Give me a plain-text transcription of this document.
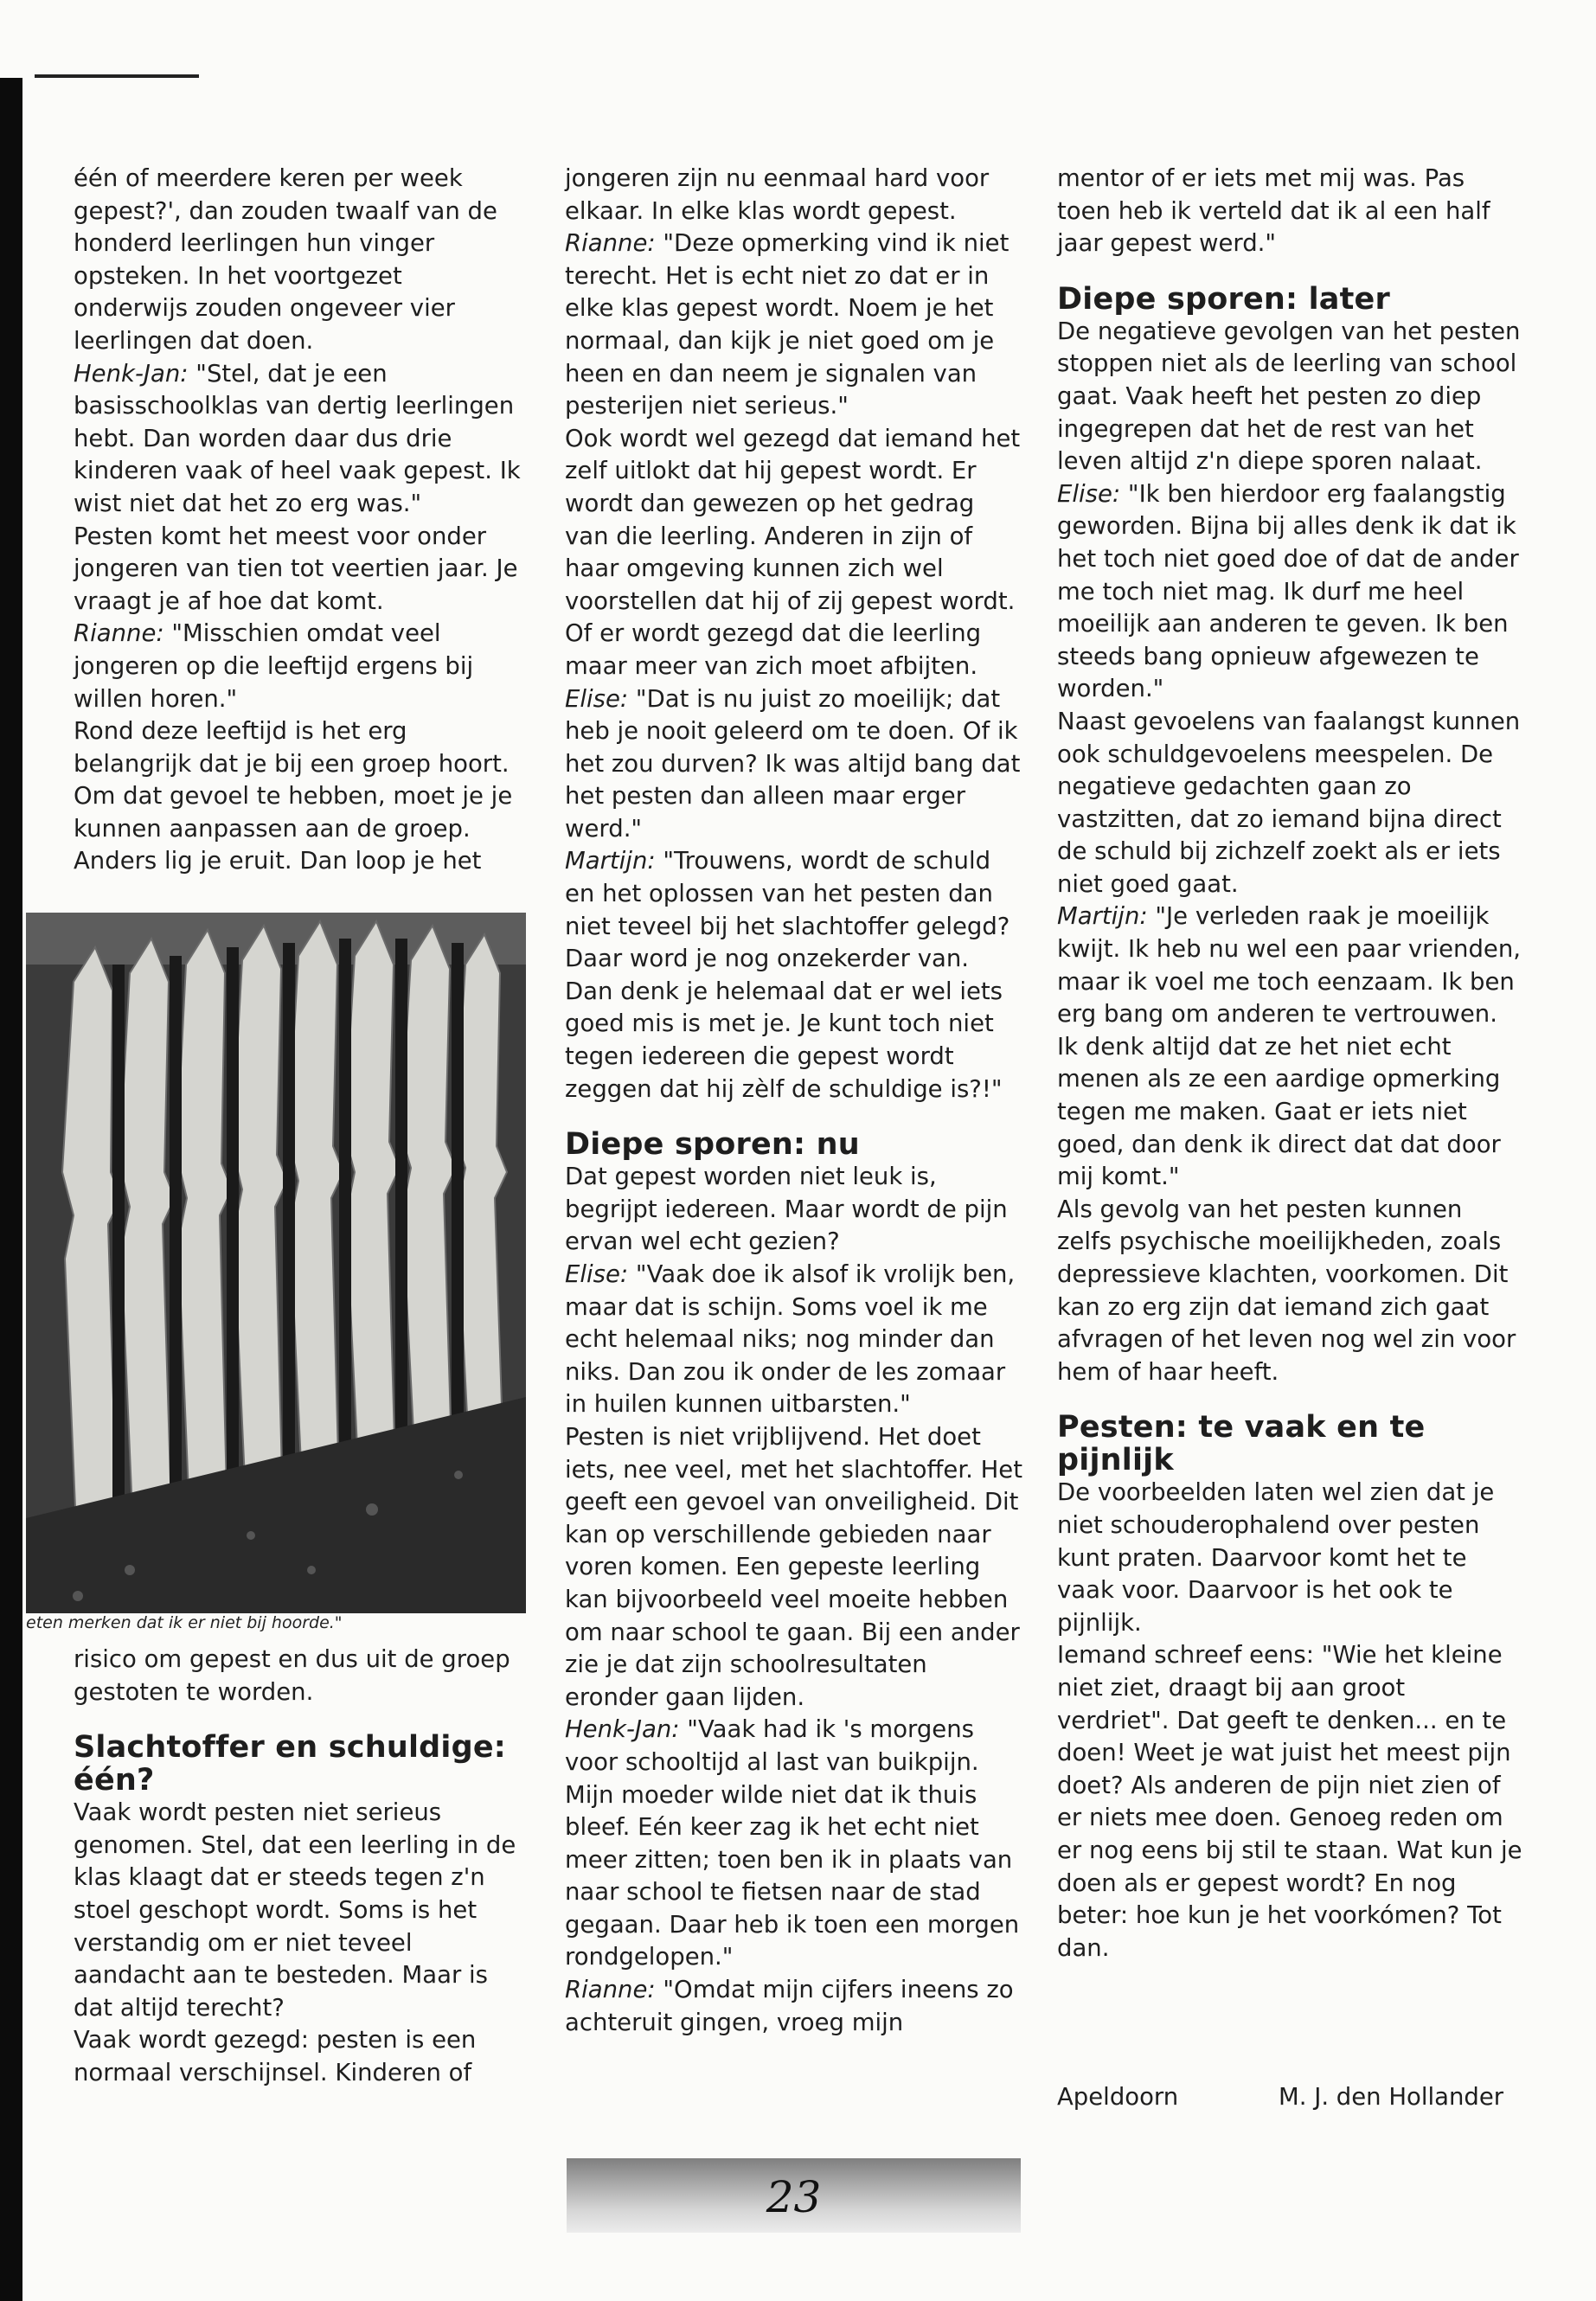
één of meerdere keren per week gepest?', dan zouden twaalf van de honderd leerlingen hun vinger opsteken. In het voortgezet onderwijs zouden ongeveer vier leerlingen dat doen.

Henk-Jan: "Stel, dat je een basisschoolklas van dertig leerlingen hebt. Dan worden daar dus drie kinderen vaak of heel vaak gepest. Ik wist niet dat het zo erg was."

Pesten komt het meest voor onder jongeren van tien tot veertien jaar. Je vraagt je af hoe dat komt.

Rianne: "Misschien omdat veel jongeren op die leeftijd ergens bij willen horen."

Rond deze leeftijd is het erg belangrijk dat je bij een groep hoort. Om dat gevoel te hebben, moet je je kunnen aanpassen aan de groep. Anders lig je eruit. Dan loop je het

eten merken dat ik er niet bij hoorde."

risico om gepest en dus uit de groep gestoten te worden.

Slachtoffer en schuldige: één?

Vaak wordt pesten niet serieus genomen. Stel, dat een leerling in de klas klaagt dat er steeds tegen z'n stoel geschopt wordt. Soms is het verstandig om er niet teveel aandacht aan te besteden. Maar is dat altijd terecht?

Vaak wordt gezegd: pesten is een normaal verschijnsel. Kinderen of

jongeren zijn nu eenmaal hard voor elkaar. In elke klas wordt gepest.

Rianne: "Deze opmerking vind ik niet terecht. Het is echt niet zo dat er in elke klas gepest wordt. Noem je het normaal, dan kijk je niet goed om je heen en dan neem je signalen van pesterijen niet serieus."

Ook wordt wel gezegd dat iemand het zelf uitlokt dat hij gepest wordt. Er wordt dan gewezen op het gedrag van die leerling. Anderen in zijn of haar omgeving kunnen zich wel voorstellen dat hij of zij gepest wordt. Of er wordt gezegd dat die leerling maar meer van zich moet afbijten.

Elise: "Dat is nu juist zo moeilijk; dat heb je nooit geleerd om te doen. Of ik het zou durven? Ik was altijd bang dat het pesten dan alleen maar erger werd."

Martijn: "Trouwens, wordt de schuld en het oplossen van het pesten dan niet teveel bij het slachtoffer gelegd? Daar word je nog onzekerder van. Dan denk je helemaal dat er wel iets goed mis is met je. Je kunt toch niet tegen iedereen die gepest wordt zeggen dat hij zèlf de schuldige is?!"

Diepe sporen: nu

Dat gepest worden niet leuk is, begrijpt iedereen. Maar wordt de pijn ervan wel echt gezien?

Elise: "Vaak doe ik alsof ik vrolijk ben, maar dat is schijn. Soms voel ik me echt helemaal niks; nog minder dan niks. Dan zou ik onder de les zomaar in huilen kunnen uitbarsten."

Pesten is niet vrijblijvend. Het doet iets, nee veel, met het slachtoffer. Het geeft een gevoel van onveiligheid. Dit kan op verschillende gebieden naar voren komen. Een gepeste leerling kan bijvoorbeeld veel moeite hebben om naar school te gaan. Bij een ander zie je dat zijn schoolresultaten eronder gaan lijden.

Henk-Jan: "Vaak had ik 's morgens voor schooltijd al last van buikpijn. Mijn moeder wilde niet dat ik thuis bleef. Eén keer zag ik het echt niet meer zitten; toen ben ik in plaats van naar school te fietsen naar de stad gegaan. Daar heb ik toen een morgen rondgelopen."

Rianne: "Omdat mijn cijfers ineens zo achteruit gingen, vroeg mijn

mentor of er iets met mij was. Pas toen heb ik verteld dat ik al een half jaar gepest werd."

Diepe sporen: later

De negatieve gevolgen van het pesten stoppen niet als de leerling van school gaat. Vaak heeft het pesten zo diep ingegrepen dat het de rest van het leven altijd z'n diepe sporen nalaat.

Elise: "Ik ben hierdoor erg faalangstig geworden. Bijna bij alles denk ik dat ik het toch niet goed doe of dat de ander me toch niet mag. Ik durf me heel moeilijk aan anderen te geven. Ik ben steeds bang opnieuw afgewezen te worden."

Naast gevoelens van faalangst kunnen ook schuldgevoelens meespelen. De negatieve gedachten gaan zo vastzitten, dat zo iemand bijna direct de schuld bij zichzelf zoekt als er iets niet goed gaat.

Martijn: "Je verleden raak je moeilijk kwijt. Ik heb nu wel een paar vrienden, maar ik voel me toch eenzaam. Ik ben erg bang om anderen te vertrouwen. Ik denk altijd dat ze het niet echt menen als ze een aardige opmerking tegen me maken. Gaat er iets niet goed, dan denk ik direct dat dat door mij komt."

Als gevolg van het pesten kunnen zelfs psychische moeilijkheden, zoals depressieve klachten, voorkomen. Dit kan zo erg zijn dat iemand zich gaat afvragen of het leven nog wel zin voor hem of haar heeft.

Pesten: te vaak en te pijnlijk

De voorbeelden laten wel zien dat je niet schouderophalend over pesten kunt praten. Daarvoor komt het te vaak voor. Daarvoor is het ook te pijnlijk.

Iemand schreef eens: "Wie het kleine niet ziet, draagt bij aan groot verdriet". Dat geeft te denken... en te doen! Weet je wat juist het meest pijn doet? Als anderen de pijn niet zien of er niets mee doen. Genoeg reden om er nog eens bij stil te staan. Wat kun je doen als er gepest wordt? En nog beter: hoe kun je het voorkómen? Tot dan.

Apeldoorn	M. J. den Hollander
23
